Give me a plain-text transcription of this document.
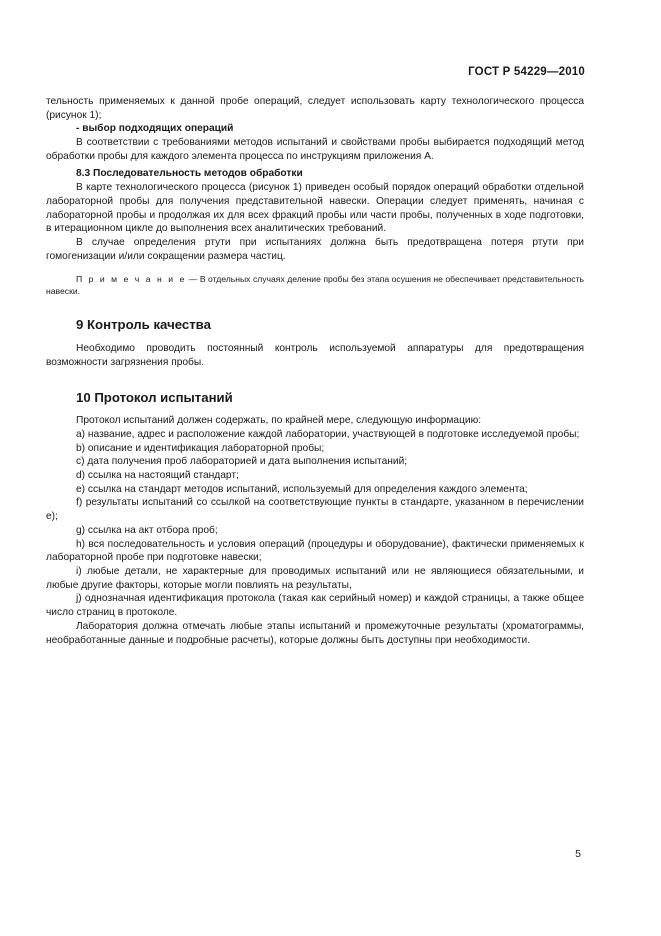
ГОСТ Р 54229—2010

тельность применяемых к данной пробе операций, следует использовать карту технологического процесса (рисунок 1);

- выбор подходящих операций

В соответствии с требованиями методов испытаний и свойствами пробы выбирается подходящий метод обработки пробы для каждого элемента процесса по инструкциям приложения А.

8.3 Последовательность методов обработки

В карте технологического процесса (рисунок 1) приведен особый порядок операций обработки отдельной лабораторной пробы для получения представительной навески. Операции следует применять, начиная с лабораторной пробы и продолжая их для всех фракций пробы или части пробы, полученных в ходе подготовки, в итерационном цикле до выполнения всех аналитических требований.

В случае определения ртути при испытаниях должна быть предотвращена потеря ртути при гомогенизации и/или сокращении размера частиц.

П р и м е ч а н и е — В отдельных случаях деление пробы без этапа осушения не обеспечивает представительность навески.

9 Контроль качества

Необходимо проводить постоянный контроль используемой аппаратуры для предотвращения возможности загрязнения пробы.

10 Протокол испытаний

Протокол испытаний должен содержать, по крайней мере, следующую информацию:

a) название, адрес и расположение каждой лаборатории, участвующей в подготовке исследуемой пробы;

b) описание и идентификация лабораторной пробы;

c) дата получения проб лабораторией и дата выполнения испытаний;

d) ссылка на настоящий стандарт;

e) ссылка на стандарт методов испытаний, используемый для определения каждого элемента;

f) результаты испытаний со ссылкой на соответствующие пункты в стандарте, указанном в перечислении e);

g) ссылка на акт отбора проб;

h) вся последовательность и условия операций (процедуры и оборудование), фактически применяемых к лабораторной пробе при подготовке навески;

i) любые детали, не характерные для проводимых испытаний или не являющиеся обязательными, и любые другие факторы, которые могли повлиять на результаты,

j) однозначная идентификация протокола (такая как серийный номер) и каждой страницы, а также общее число страниц в протоколе.

Лаборатория должна отмечать любые этапы испытаний и промежуточные результаты (хроматограммы, необработанные данные и подробные расчеты), которые должны быть доступны при необходимости.

5
